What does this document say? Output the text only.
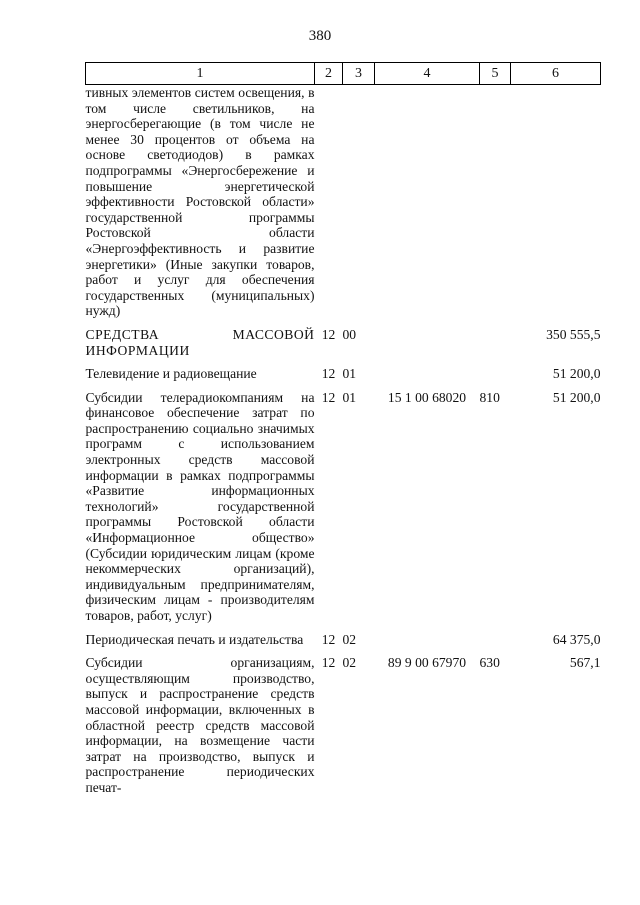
380
1	2	3	4	5	6
тивных элементов систем освещения, в том числе светильников, на энергосберегающие (в том числе не менее 30 процентов от объема на основе светодиодов) в рамках подпрограммы «Энергосбережение и повышение энергетической эффективности Ростовской области» государственной программы Ростовской области «Энергоэффективность и развитие энергетики» (Иные закупки товаров, работ и услуг для обеспечения государственных (муниципальных) нужд)					

СРЕДСТВА МАССОВОЙ ИНФОРМАЦИИ	12	00			350 555,5

Телевидение и радиовещание	12	01			51 200,0

Субсидии телерадиокомпаниям на финансовое обеспечение затрат по распространению социально значимых программ с использованием электронных средств массовой информации в рамках подпрограммы «Развитие информационных технологий» государственной программы Ростовской области «Информационное общество» (Субсидии юридическим лицам (кроме некоммерческих организаций), индивидуальным предпринимателям, физическим лицам - производителям товаров, работ, услуг)	12	01	15 1 00 68020	810	51 200,0

Периодическая печать и издательства	12	02			64 375,0

Субсидии организациям, осуществляющим производство, выпуск и распространение средств массовой информации, включенных в областной реестр средств массовой информации, на возмещение части затрат на производство, выпуск и распространение периодических печат-	12	02	89 9 00 67970	630	567,1
